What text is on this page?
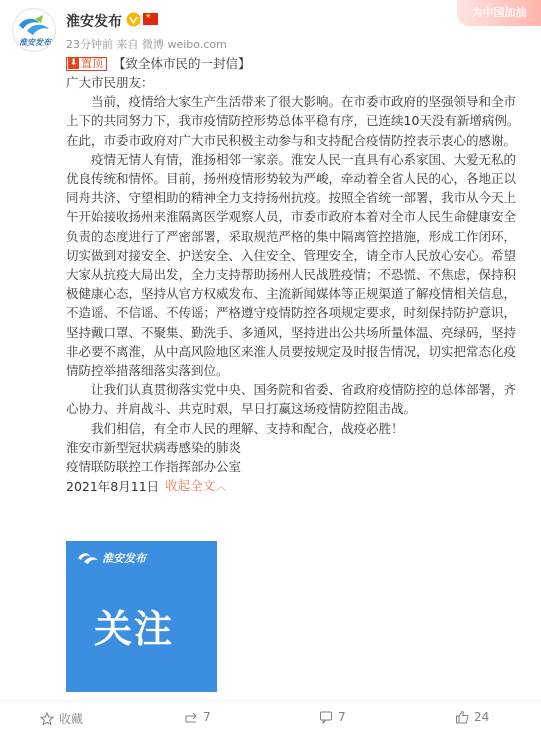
淮安发布
淮安发布	★
23分钟前 来自 微博 weibo.com
为中国加油
⬇ 置顶 【致全体市民的一封信】
广大市民朋友：
当前，疫情给大家生产生活带来了很大影响。在市委市政府的坚强领导和全市上下的共同努力下，我市疫情防控形势总体平稳有序，已连续10天没有新增病例。在此，市委市政府对广大市民积极主动参与和支持配合疫情防控表示衷心的感谢。
疫情无情人有情，淮扬相邻一家亲。淮安人民一直具有心系家国、大爱无私的优良传统和情怀。目前，扬州疫情形势较为严峻，牵动着全省人民的心，各地正以同舟共济、守望相助的精神全力支持扬州抗疫。按照全省统一部署，我市从今天上午开始接收扬州来淮隔离医学观察人员，市委市政府本着对全市人民生命健康安全负责的态度进行了严密部署，采取规范严格的集中隔离管控措施，形成工作闭环，切实做到对接安全、护送安全、入住安全、管理安全，请全市人民放心安心。希望大家从抗疫大局出发，全力支持帮助扬州人民战胜疫情；不恐慌、不焦虑，保持积极健康心态，坚持从官方权威发布、主流新闻媒体等正规渠道了解疫情相关信息，不造谣、不信谣、不传谣；严格遵守疫情防控各项规定要求，时刻保持防护意识，坚持戴口罩、不聚集、勤洗手、多通风，坚持进出公共场所量体温、亮绿码，坚持非必要不离淮，从中高风险地区来淮人员要按规定及时报告情况，切实把常态化疫情防控举措落细落实落到位。
让我们认真贯彻落实党中央、国务院和省委、省政府疫情防控的总体部署，齐心协力、并肩战斗、共克时艰，早日打赢这场疫情防控阻击战。
我们相信，有全市人民的理解、支持和配合，战疫必胜！
淮安市新型冠状病毒感染的肺炎
疫情联防联控工作指挥部办公室
2021年8月11日 收起全文︿
淮安发布
关注
收藏	7	7	24
